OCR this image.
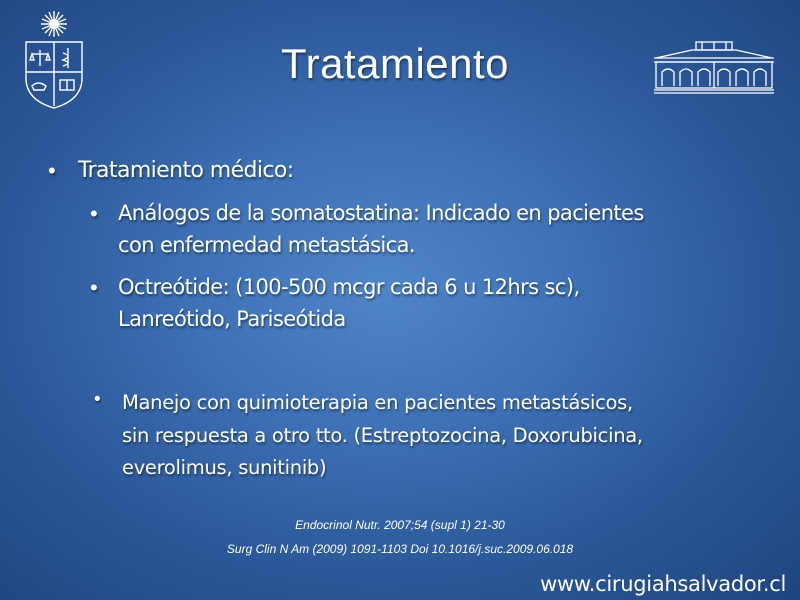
Tratamiento
• Tratamiento médico:
• Análogos de la somatostatina: Indicado en pacientes
con enfermedad metastásica.
• Octreótide: (100-500 mcgr cada 6 u 12hrs sc),
Lanreótido, Pariseótida
• Manejo con quimioterapia en pacientes metastásicos,
sin respuesta a otro tto. (Estreptozocina, Doxorubicina,
everolimus, sunitinib)
Endocrinol Nutr. 2007;54 (supl 1) 21-30
Surg Clin N Am (2009) 1091-1103 Doi 10.1016/j.suc.2009.06.018
www.cirugiahsalvador.cl
